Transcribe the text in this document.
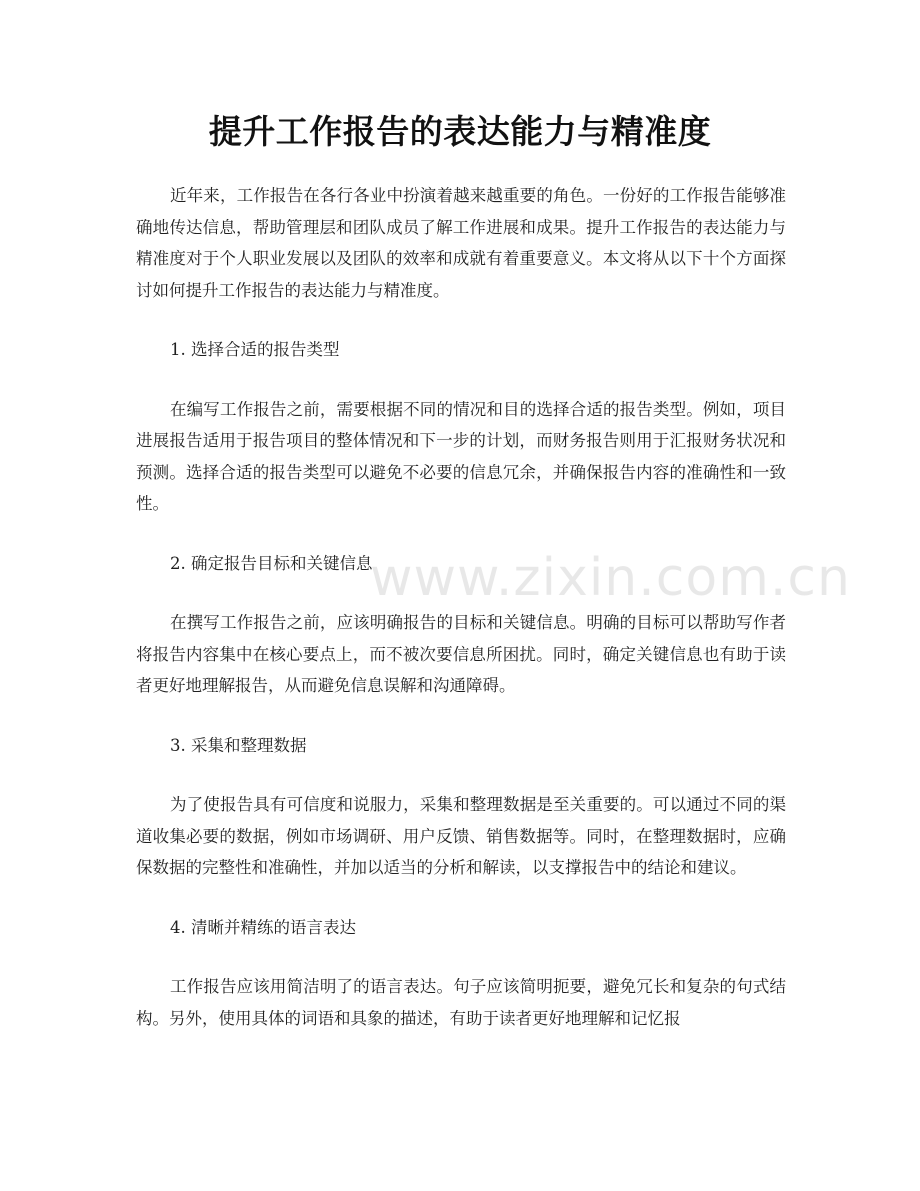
提升工作报告的表达能力与精准度

近年来，工作报告在各行各业中扮演着越来越重要的角色。一份好的工作报告能够准确地传达信息，帮助管理层和团队成员了解工作进展和成果。提升工作报告的表达能力与精准度对于个人职业发展以及团队的效率和成就有着重要意义。本文将从以下十个方面探讨如何提升工作报告的表达能力与精准度。

1. 选择合适的报告类型

在编写工作报告之前，需要根据不同的情况和目的选择合适的报告类型。例如，项目进展报告适用于报告项目的整体情况和下一步的计划，而财务报告则用于汇报财务状况和预测。选择合适的报告类型可以避免不必要的信息冗余，并确保报告内容的准确性和一致性。

2. 确定报告目标和关键信息

在撰写工作报告之前，应该明确报告的目标和关键信息。明确的目标可以帮助写作者将报告内容集中在核心要点上，而不被次要信息所困扰。同时，确定关键信息也有助于读者更好地理解报告，从而避免信息误解和沟通障碍。

3. 采集和整理数据

为了使报告具有可信度和说服力，采集和整理数据是至关重要的。可以通过不同的渠道收集必要的数据，例如市场调研、用户反馈、销售数据等。同时，在整理数据时，应确保数据的完整性和准确性，并加以适当的分析和解读，以支撑报告中的结论和建议。

4. 清晰并精练的语言表达

工作报告应该用简洁明了的语言表达。句子应该简明扼要，避免冗长和复杂的句式结构。另外，使用具体的词语和具象的描述，有助于读者更好地理解和记忆报

www.zixin.com.cn
